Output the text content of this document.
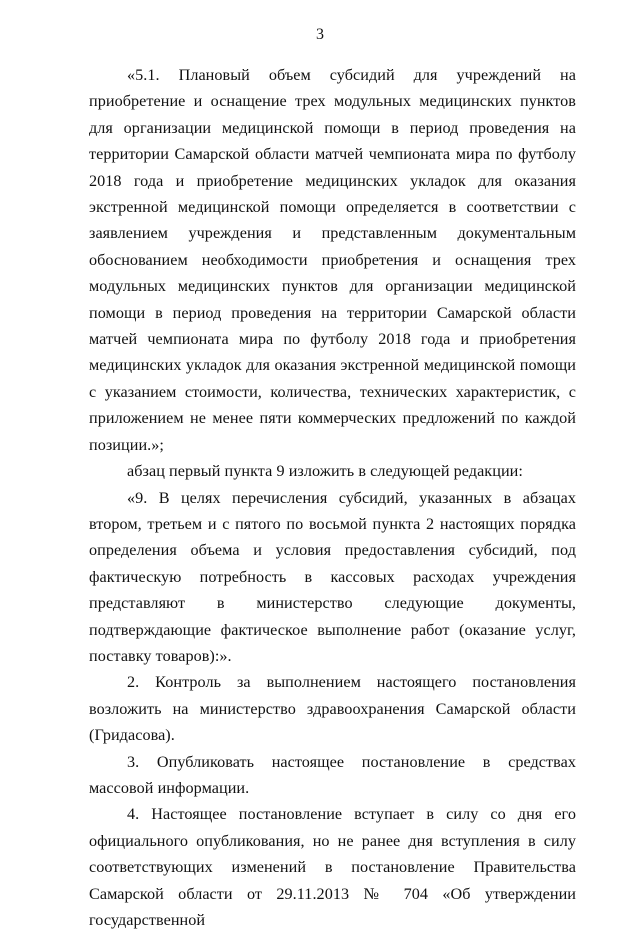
3

«5.1. Плановый объем субсидий для учреждений на приобретение и оснащение трех модульных медицинских пунктов для организации медицинской помощи в период проведения на территории Самарской области матчей чемпионата мира по футболу 2018 года и приобретение медицинских укладок для оказания экстренной медицинской помощи определяется в соответствии с заявлением учреждения и представленным документальным обоснованием необходимости приобретения и оснащения трех модульных медицинских пунктов для организации медицинской помощи в период проведения на территории Самарской области матчей чемпионата мира по футболу 2018 года и приобретения медицинских укладок для оказания экстренной медицинской помощи с указанием стоимости, количества, технических характеристик, с приложением не менее пяти коммерческих предложений по каждой позиции.»;

абзац первый пункта 9 изложить в следующей редакции:

«9. В целях перечисления субсидий, указанных в абзацах втором, третьем и с пятого по восьмой пункта 2 настоящих порядка определения объема и условия предоставления субсидий, под фактическую потребность в кассовых расходах учреждения представляют в министерство следующие документы, подтверждающие фактическое выполнение работ (оказание услуг, поставку товаров):».

2. Контроль за выполнением настоящего постановления возложить на министерство здравоохранения Самарской области (Гридасова).

3. Опубликовать настоящее постановление в средствах массовой информации.

4. Настоящее постановление вступает в силу со дня его официального опубликования, но не ранее дня вступления в силу соответствующих изменений в постановление Правительства Самарской области от 29.11.2013 № 704 «Об утверждении государственной
